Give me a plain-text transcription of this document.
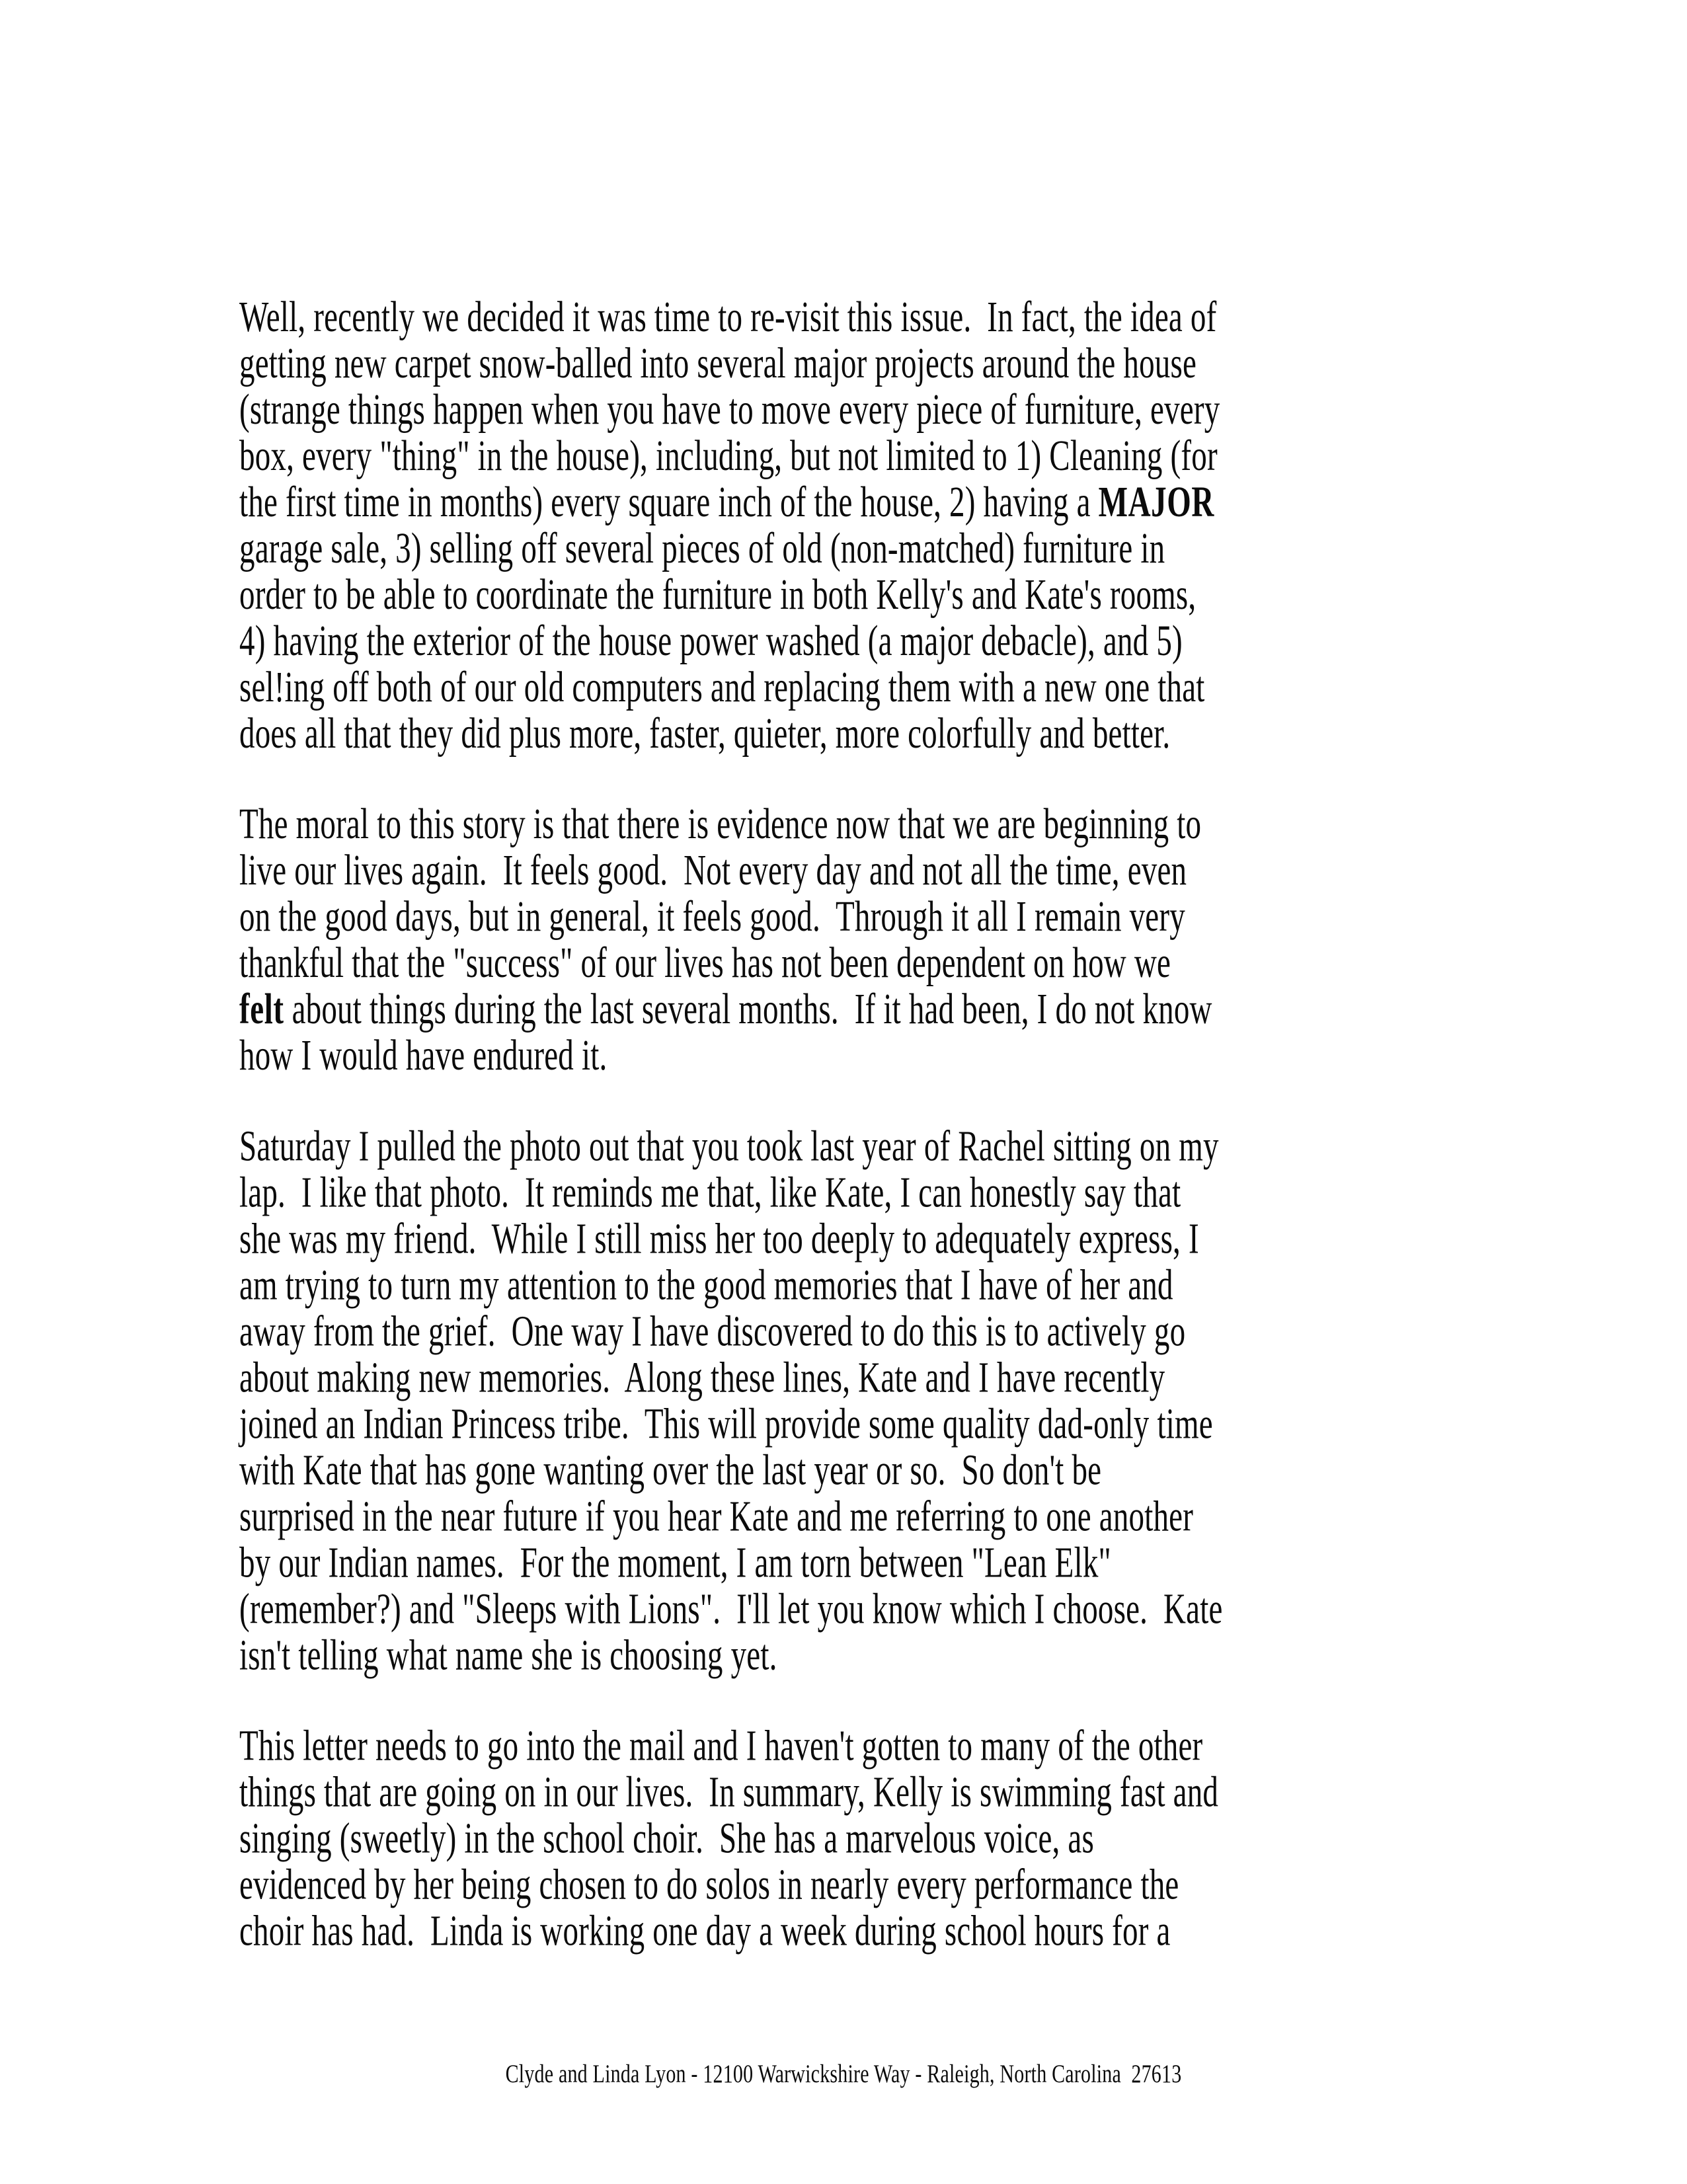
Well, recently we decided it was time to re-visit this issue.  In fact, the idea of
getting new carpet snow-balled into several major projects around the house
(strange things happen when you have to move every piece of furniture, every
box, every "thing" in the house), including, but not limited to 1) Cleaning (for
the first time in months) every square inch of the house, 2) having a MAJOR
garage sale, 3) selling off several pieces of old (non-matched) furniture in
order to be able to coordinate the furniture in both Kelly's and Kate's rooms,
4) having the exterior of the house power washed (a major debacle), and 5)
sel!ing off both of our old computers and replacing them with a new one that
does all that they did plus more, faster, quieter, more colorfully and better.
The moral to this story is that there is evidence now that we are beginning to
live our lives again.  It feels good.  Not every day and not all the time, even
on the good days, but in general, it feels good.  Through it all I remain very
thankful that the "success" of our lives has not been dependent on how we
felt about things during the last several months.  If it had been, I do not know
how I would have endured it.
Saturday I pulled the photo out that you took last year of Rachel sitting on my
lap.  I like that photo.  It reminds me that, like Kate, I can honestly say that
she was my friend.  While I still miss her too deeply to adequately express, I
am trying to turn my attention to the good memories that I have of her and
away from the grief.  One way I have discovered to do this is to actively go
about making new memories.  Along these lines, Kate and I have recently
joined an Indian Princess tribe.  This will provide some quality dad-only time
with Kate that has gone wanting over the last year or so.  So don't be
surprised in the near future if you hear Kate and me referring to one another
by our Indian names.  For the moment, I am torn between "Lean Elk"
(remember?) and "Sleeps with Lions".  I'll let you know which I choose.  Kate
isn't telling what name she is choosing yet.
This letter needs to go into the mail and I haven't gotten to many of the other
things that are going on in our lives.  In summary, Kelly is swimming fast and
singing (sweetly) in the school choir.  She has a marvelous voice, as
evidenced by her being chosen to do solos in nearly every performance the
choir has had.  Linda is working one day a week during school hours for a
Clyde and Linda Lyon - 12100 Warwickshire Way - Raleigh, North Carolina  27613
